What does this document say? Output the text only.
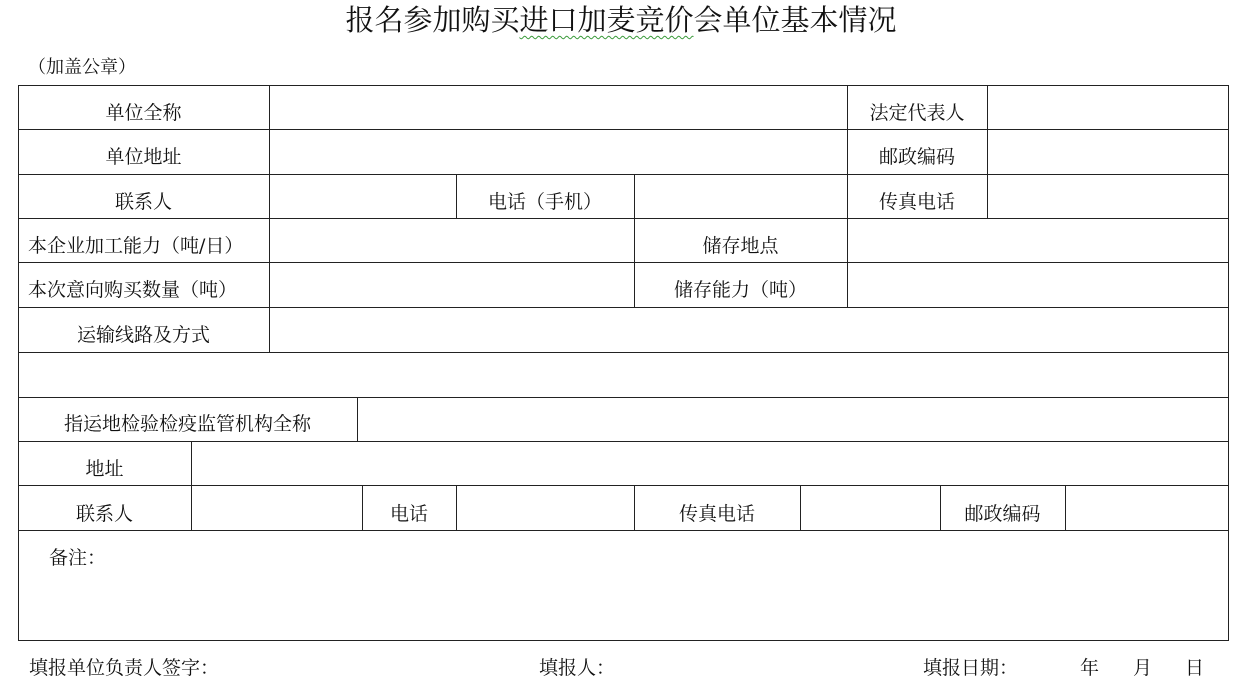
报名参加购买进口加麦竞价会单位基本情况
（加盖公章）
单位全称	法定代表人
单位地址	邮政编码
联系人	电话（手机）	传真电话
本企业加工能力（吨/日）	储存地点
本次意向购买数量（吨）	储存能力（吨）
运输线路及方式
指运地检验检疫监管机构全称
地址
联系人	电话	传真电话	邮政编码
备注：
填报单位负责人签字：	填报人：	填报日期：	年 月 日
